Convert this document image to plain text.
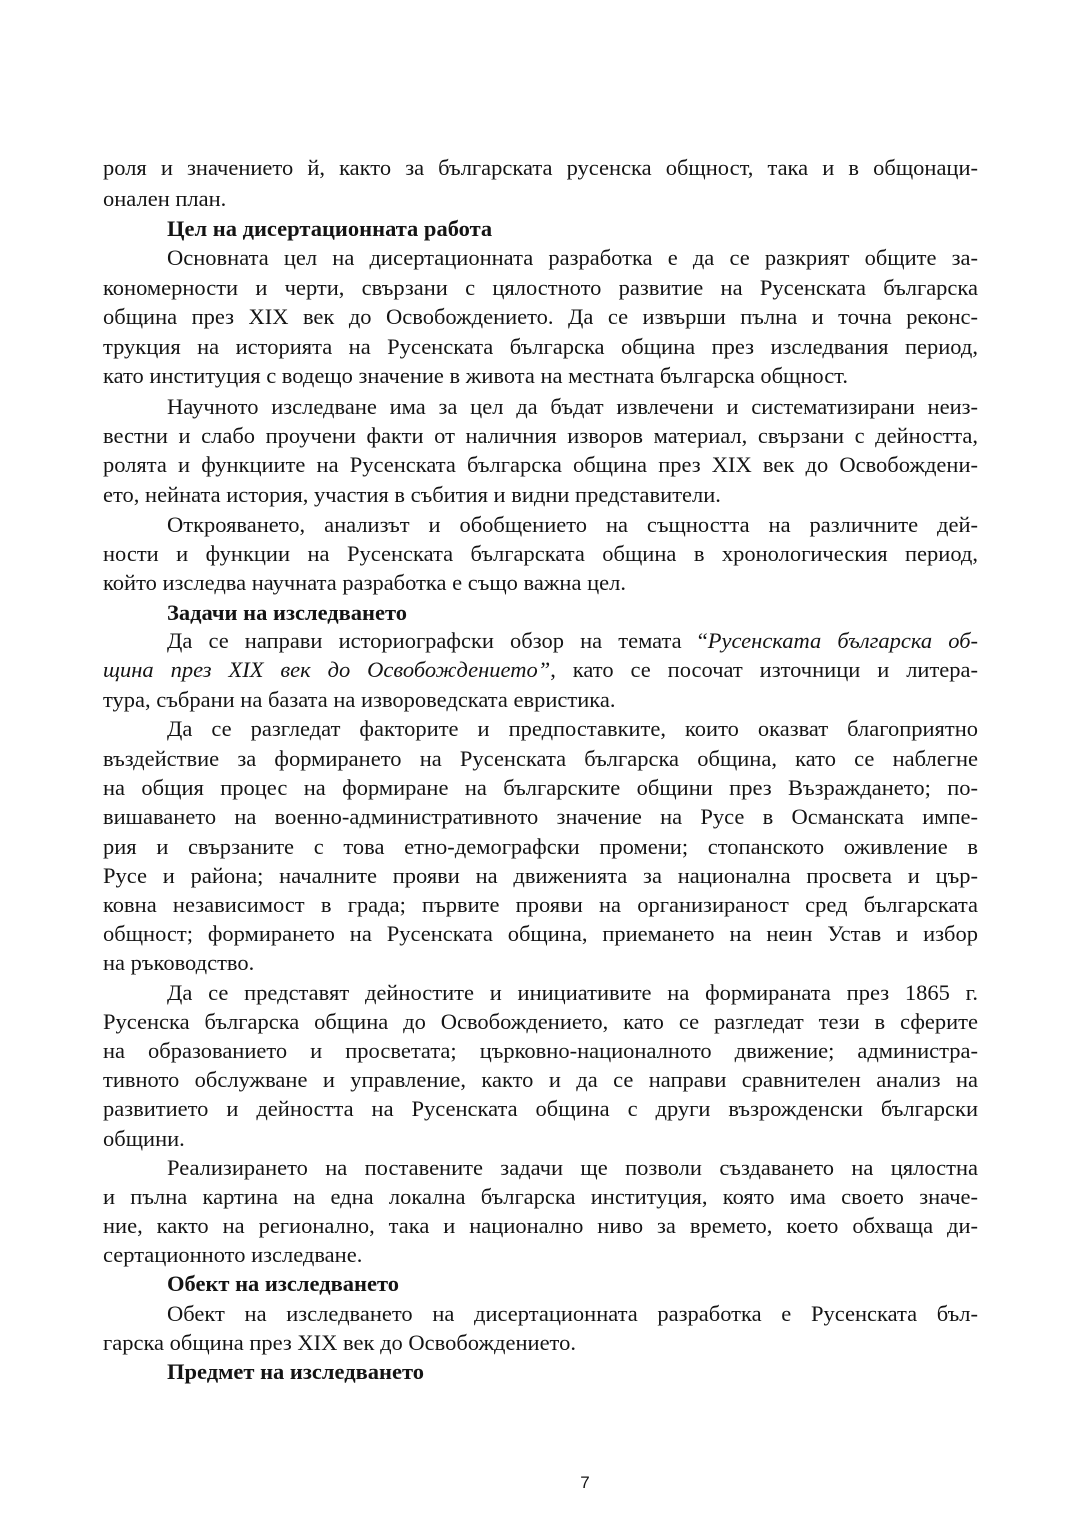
роля и значението й, както за българската русенска общност, така и в общонаци-
онален план.
Цел на дисертационната работа
Основната цел на дисертационната разработка е да се разкрият общите за-
кономерности и черти, свързани с цялостното развитие на Русенската българска
община през XIX век до Освобождението. Да се извърши пълна и точна реконс-
трукция на историята на Русенската българска община през изследвания период,
като институция с водещо значение в живота на местната българска общност.
Научното изследване има за цел да бъдат извлечени и систематизирани неиз-
вестни и слабо проучени факти от наличния изворов материал, свързани с дейността,
ролята и функциите на Русенската българска община през XIX век до Освобождени-
ето, нейната история, участия в събития и видни представители.
Открояването, анализът и обобщението на същността на различните дей-
ности и функции на Русенската българската община в хронологическия период,
който изследва научната разработка е също важна цел.
Задачи на изследването
Да се направи историографски обзор на темата “Русенската българска об-
щина през XIX век до Освобождението”, като се посочат източници и литера-
тура, събрани на базата на извороведската евристика.
Да се разгледат факторите и предпоставките, които оказват благоприятно
въздействие за формирането на Русенската българска община, като се наблегне
на общия процес на формиране на българските общини през Възраждането; по-
вишаването на военно-административното значение на Русе в Османската импе-
рия и свързаните с това етно-демографски промени; стопанското оживление в
Русе и района; началните прояви на движенията за национална просвета и цър-
ковна независимост в града; първите прояви на организираност сред българската
общност; формирането на Русенската община, приемането на неин Устав и избор
на ръководство.
Да се представят дейностите и инициативите на формираната през 1865 г.
Русенска българска община до Освобождението, като се разгледат тези в сферите
на образованието и просветата; църковно-националното движение; администра-
тивното обслужване и управление, както и да се направи сравнителен анализ на
развитието и дейността на Русенската община с други възрожденски български
общини.
Реализирането на поставените задачи ще позволи създаването на цялостна
и пълна картина на една локална българска институция, която има своето значе-
ние, както на регионално, така и национално ниво за времето, което обхваща ди-
сертационното изследване.
Обект на изследването
Обект на изследването на дисертационната разработка е Русенската бъл-
гарска община през XIX век до Освобождението.
Предмет на изследването
7
